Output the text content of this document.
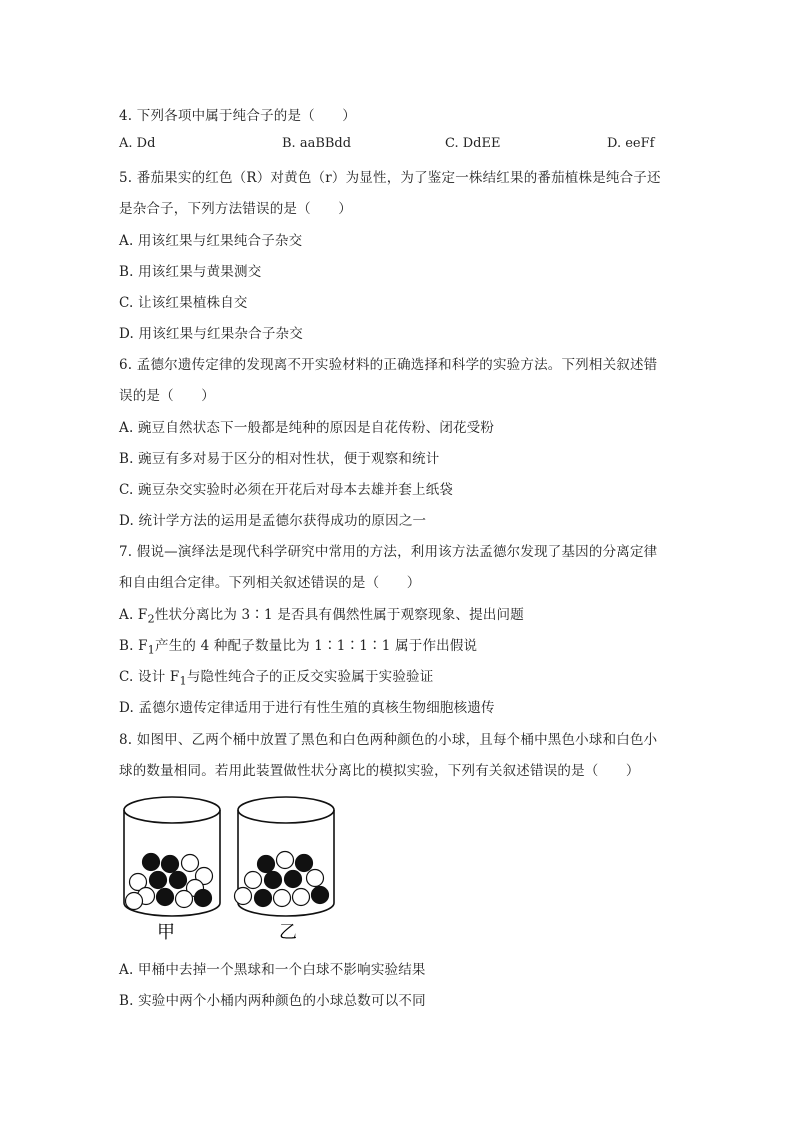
4. 下列各项中属于纯合子的是（　　）
A. Dd	B. aaBBdd	C. DdEE	D. eeFf
5. 番茄果实的红色（R）对黄色（r）为显性，为了鉴定一株结红果的番茄植株是纯合子还
是杂合子，下列方法错误的是（　　）
A. 用该红果与红果纯合子杂交
B. 用该红果与黄果测交
C. 让该红果植株自交
D. 用该红果与红果杂合子杂交
6. 孟德尔遗传定律的发现离不开实验材料的正确选择和科学的实验方法。下列相关叙述错
误的是（　　）
A. 豌豆自然状态下一般都是纯种的原因是自花传粉、闭花受粉
B. 豌豆有多对易于区分的相对性状，便于观察和统计
C. 豌豆杂交实验时必须在开花后对母本去雄并套上纸袋
D. 统计学方法的运用是孟德尔获得成功的原因之一
7. 假说—演绎法是现代科学研究中常用的方法，利用该方法孟德尔发现了基因的分离定律
和自由组合定律。下列相关叙述错误的是（　　）
A. $F_2$性状分离比为 3∶1 是否具有偶然性属于观察现象、提出问题
B. $F_1$产生的 4 种配子数量比为 1∶1∶1∶1 属于作出假说
C. 设计 $F_1$与隐性纯合子的正反交实验属于实验验证
D. 孟德尔遗传定律适用于进行有性生殖的真核生物细胞核遗传
8. 如图甲、乙两个桶中放置了黑色和白色两种颜色的小球，且每个桶中黑色小球和白色小
球的数量相同。若用此装置做性状分离比的模拟实验，下列有关叙述错误的是（　　）
甲	乙
A. 甲桶中去掉一个黑球和一个白球不影响实验结果
B. 实验中两个小桶内两种颜色的小球总数可以不同
